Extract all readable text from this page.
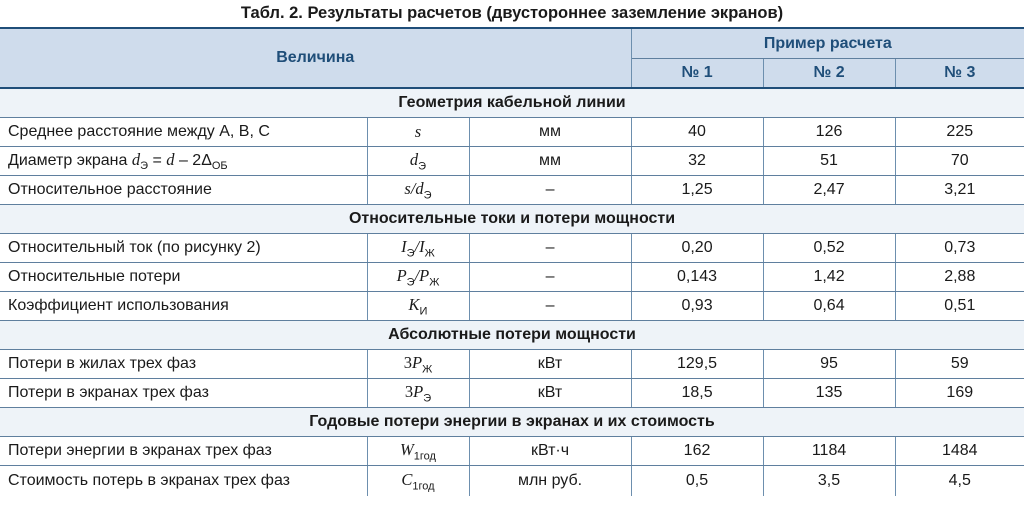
Табл. 2. Результаты расчетов (двустороннее заземление экранов)
Величина			Пример расчета		
			№ 1	№ 2	№ 3
Геометрия кабельной линии					
Среднее расстояние между A, B, C	s	мм	40	126	225
Диаметр экрана $d_Э = d - 2\Delta_{ОБ}$	$d_Э$	мм	32	51	70
Относительное расстояние	$s/d_Э$	–	1,25	2,47	3,21
Относительные токи и потери мощности					
Относительный ток (по рисунку 2)	$I_Э/I_Ж$	–	0,20	0,52	0,73
Относительные потери	$P_Э/P_Ж$	–	0,143	1,42	2,88
Коэффициент использования	$K_И$	–	0,93	0,64	0,51
Абсолютные потери мощности					
Потери в жилах трех фаз	$3P_Ж$	кВт	129,5	95	59
Потери в экранах трех фаз	$3P_Э$	кВт	18,5	135	169
Годовые потери энергии в экранах и их стоимость					
Потери энергии в экранах трех фаз	$W_{1год}$	кВт·ч	162	1184	1484
Стоимость потерь в экранах трех фаз	$C_{1год}$	млн руб.	0,5	3,5	4,5
